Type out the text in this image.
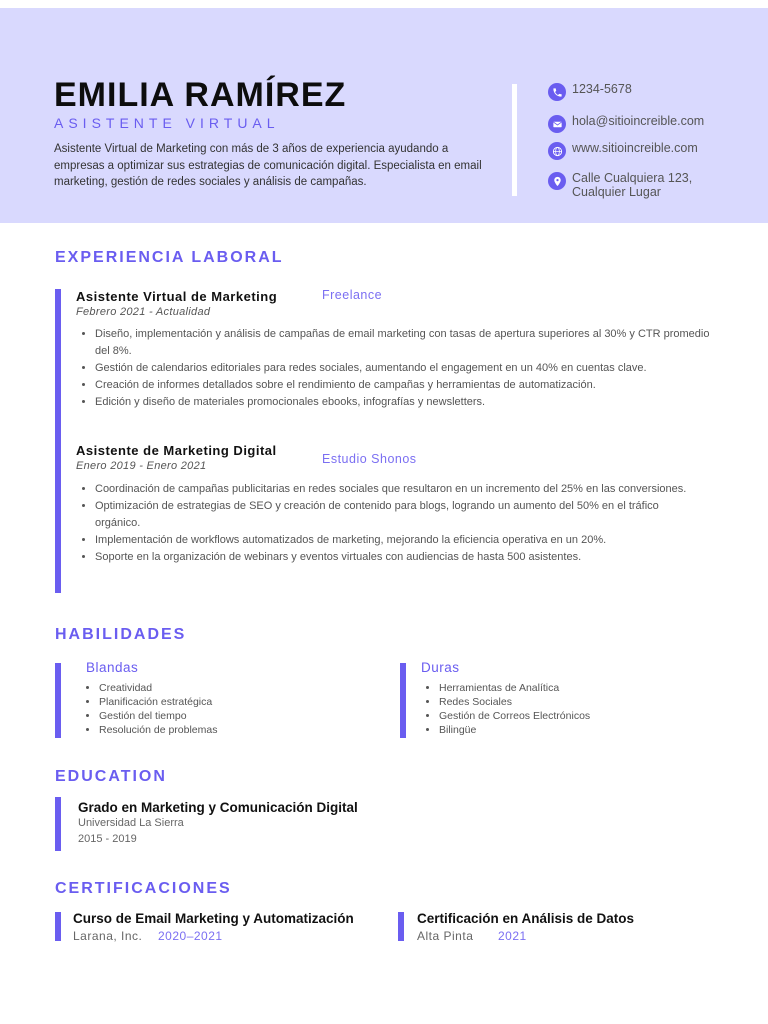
EMILIA RAMÍREZ
ASISTENTE VIRTUAL

Asistente Virtual de Marketing con más de 3 años de experiencia ayudando a empresas a optimizar sus estrategias de comunicación digital. Especialista en email marketing, gestión de redes sociales y análisis de campañas.

1234-5678
hola@sitioincreible.com
www.sitioincreible.com
Calle Cualquiera 123,
Cualquier Lugar
EXPERIENCIA LABORAL
Asistente Virtual de Marketing	Freelance
Febrero 2021 - Actualidad
• Diseño, implementación y análisis de campañas de email marketing con tasas de apertura superiores al 30% y CTR promedio del 8%.
• Gestión de calendarios editoriales para redes sociales, aumentando el engagement en un 40% en cuentas clave.
• Creación de informes detallados sobre el rendimiento de campañas y herramientas de automatización.
• Edición y diseño de materiales promocionales ebooks, infografías y newsletters.
Asistente de Marketing Digital
Estudio Shonos
Enero 2019 - Enero 2021
• Coordinación de campañas publicitarias en redes sociales que resultaron en un incremento del 25% en las conversiones.
• Optimización de estrategias de SEO y creación de contenido para blogs, logrando un aumento del 50% en el tráfico orgánico.
• Implementación de workflows automatizados de marketing, mejorando la eficiencia operativa en un 20%.
• Soporte en la organización de webinars y eventos virtuales con audiencias de hasta 500 asistentes.
HABILIDADES
Blandas
• Creatividad
• Planificación estratégica
• Gestión del tiempo
• Resolución de problemas
Duras
• Herramientas de Analítica
• Redes Sociales
• Gestión de Correos Electrónicos
• Bilingüe
EDUCATION
Grado en Marketing y Comunicación Digital
Universidad La Sierra
2015 - 2019
CERTIFICACIONES
Curso de Email Marketing y Automatización
Larana, Inc. 2020–2021
Certificación en Análisis de Datos
Alta Pinta 2021
